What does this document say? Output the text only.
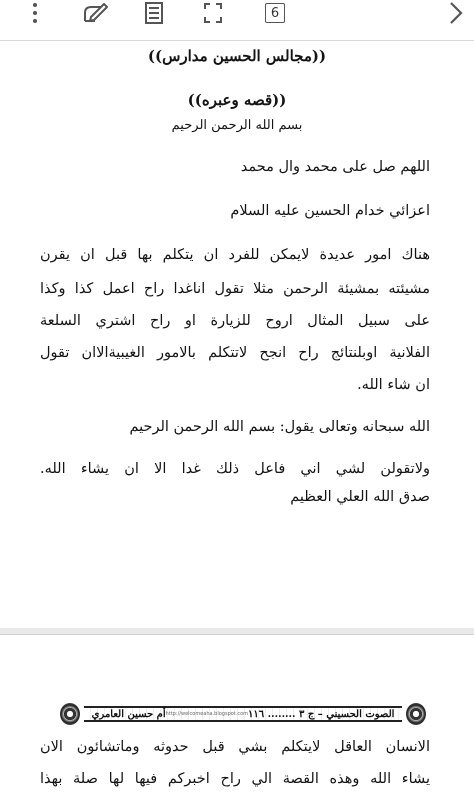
6
((مجالس الحسين مدارس))
((قصه وعبره))
بسم الله الرحمن الرحيم
اللهم صل على محمد وال محمد
اعزائي خدام الحسين عليه السلام
هناك امور عديدة لايمكن للفرد ان يتكلم بها قبل ان يقرن
مشيئته بمشيئة الرحمن مثلا تقول اناغدا راح اعمل كذا وكذا
على سبيل المثال اروح للزيارة او راح اشتري السلعة
الفلانية اوبلنتائج راح انجح لاتتكلم بالامور الغيبيةالاان تقول
ان شاء الله.
الله سبحانه وتعالى يقول: بسم الله الرحمن الرحيم
ولاتقولن لشي اني فاعل ذلك غدا الا ان يشاء الله.
صدق الله العلي العظيم
الصوت الحسيني – ج ٣ ........ ١١٦
http://welcomeaha.blogspot.com
أم حسين العامري
الانسان العاقل لايتكلم بشي قبل حدوثه وماتشائون الان
يشاء الله وهذه القصة الي راح اخبركم فيها لها صلة بهذا
